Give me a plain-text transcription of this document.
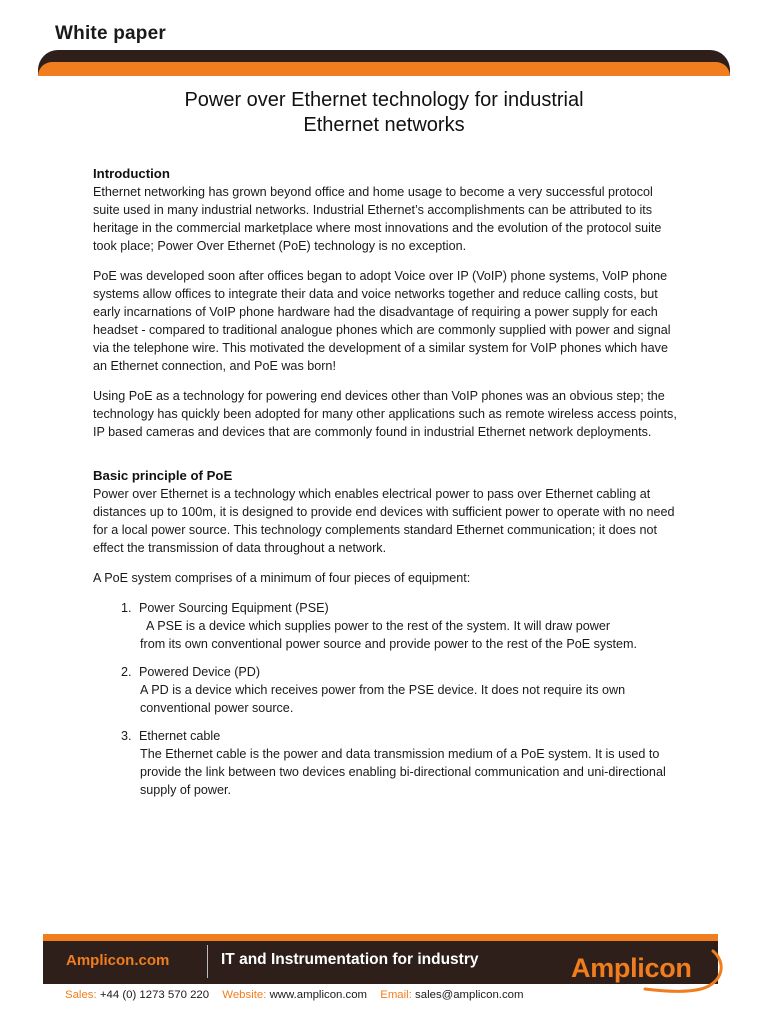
White paper
Power over Ethernet technology for industrial
Ethernet networks
Introduction

Ethernet networking has grown beyond office and home usage to become a very successful protocol suite used in many industrial networks. Industrial Ethernet’s accomplishments can be attributed to its heritage in the commercial marketplace where most innovations and the evolution of the protocol suite took place; Power Over Ethernet (PoE) technology is no exception.

PoE was developed soon after offices began to adopt Voice over IP (VoIP) phone systems, VoIP phone systems allow offices to integrate their data and voice networks together and reduce calling costs, but early incarnations of VoIP phone hardware had the disadvantage of requiring a power supply for each headset - compared to traditional analogue phones which are commonly supplied with power and signal via the telephone wire. This motivated the development of a similar system for VoIP phones which have an Ethernet connection, and PoE was born!

Using PoE as a technology for powering end devices other than VoIP phones was an obvious step; the technology has quickly been adopted for many other applications such as remote wireless access points, IP based cameras and devices that are commonly found in industrial Ethernet network deployments.

Basic principle of PoE

Power over Ethernet is a technology which enables electrical power to pass over Ethernet cabling at distances up to 100m, it is designed to provide end devices with sufficient power to operate with no need for a local power source. This technology complements standard Ethernet communication; it does not effect the transmission of data throughout a network.

A PoE system comprises of a minimum of four pieces of equipment:

1. Power Sourcing Equipment (PSE)
A PSE is a device which supplies power to the rest of the system. It will draw power
from its own conventional power source and provide power to the rest of the PoE system.
2. Powered Device (PD)
A PD is a device which receives power from the PSE device. It does not require its own conventional power source.
3. Ethernet cable
The Ethernet cable is the power and data transmission medium of a PoE system. It is used to provide the link between two devices enabling bi-directional communication and uni-directional supply of power.
Amplicon.com	IT and Instrumentation for industry	Amplicon
Sales: +44 (0) 1273 570 220 Website: www.amplicon.com Email: sales@amplicon.com
